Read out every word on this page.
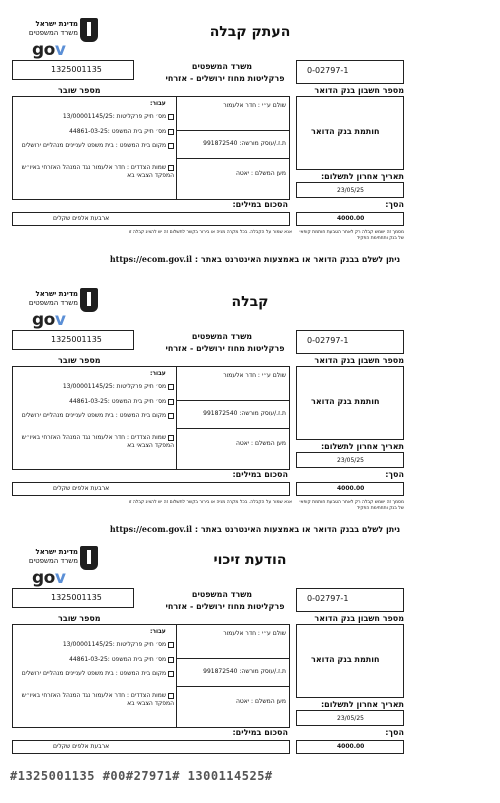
מדינת ישראל
משרד המשפטים
gov
העתק קבלה
1325001135
מספר שובר
משרד המשפטים
פרקליטות מחוז ירושלים - אזרחי
0-02797-1
מספר חשבון בנק הדואר
עבור:
מס׳ תיק פרקליטות :13/00001145/25
מס׳ תיק בית המשפט :44861-03-25
מקום בית המשפט : בית משפט לעניינים מנהליים ירושלים
שמות הצדדים : חדר אלעמור נגד המנהל האזרחי באיו״ש המפקד הצבאי בא
שולם ע״י : חדר אלעמור
ת.ז./עוסק מורשה: 991872540
מען המשלם : יאטה
חותמת בנק הדואר
תאריך אחרון לתשלום:
23/05/25
הסכום במילים:
ארבעת אלפים שקלים
הסך:
4000.00
אנא שמור על הקבלה. בכל מקרה מניה או בירור בקשר לתשלום זה יש להציג קבלה זו	מסמך זה ישמש קבלה רק לאחר הטבעת חותמת קופאי של בנק ותחתימת הפקיד
ניתן לשלם בבנק הדואר או באמצעות האינטרנט באתר : https://ecom.gov.il
מדינת ישראל
משרד המשפטים
gov
קבלה
1325001135
מספר שובר
משרד המשפטים
פרקליטות מחוז ירושלים - אזרחי
0-02797-1
מספר חשבון בנק הדואר
עבור:
מס׳ תיק פרקליטות :13/00001145/25
מס׳ תיק בית המשפט :44861-03-25
מקום בית המשפט : בית משפט לעניינים מנהליים ירושלים
שמות הצדדים : חדר אלעמור נגד המנהל האזרחי באיו״ש המפקד הצבאי בא
שולם ע״י : חדר אלעמור
ת.ז./עוסק מורשה: 991872540
מען המשלם : יאטה
חותמת בנק הדואר
תאריך אחרון לתשלום:
23/05/25
הסכום במילים:
ארבעת אלפים שקלים
הסך:
4000.00
אנא שמור על הקבלה. בכל מקרה מניה או בירור בקשר לתשלום זה יש להציג קבלה זו	מסמך זה ישמש קבלה רק לאחר הטבעת חותמת קופאי של בנק ותחתימת הפקיד
ניתן לשלם בבנק הדואר או באמצעות האינטרנט באתר : https://ecom.gov.il
מדינת ישראל
משרד המשפטים
gov
הודעת זיכוי
1325001135
מספר שובר
משרד המשפטים
פרקליטות מחוז ירושלים - אזרחי
0-02797-1
מספר חשבון בנק הדואר
עבור:
מס׳ תיק פרקליטות :13/00001145/25
מס׳ תיק בית המשפט :44861-03-25
מקום בית המשפט : בית משפט לעניינים מנהליים ירושלים
שמות הצדדים : חדר אלעמור נגד המנהל האזרחי באיו״ש המפקד הצבאי בא
שולם ע״י : חדר אלעמור
ת.ז./עוסק מורשה: 991872540
מען המשלם : יאטה
חותמת בנק הדואר
תאריך אחרון לתשלום:
23/05/25
הסכום במילים:
ארבעת אלפים שקלים
הסך:
4000.00
#1325001135 #00#27971# 1300114525#
